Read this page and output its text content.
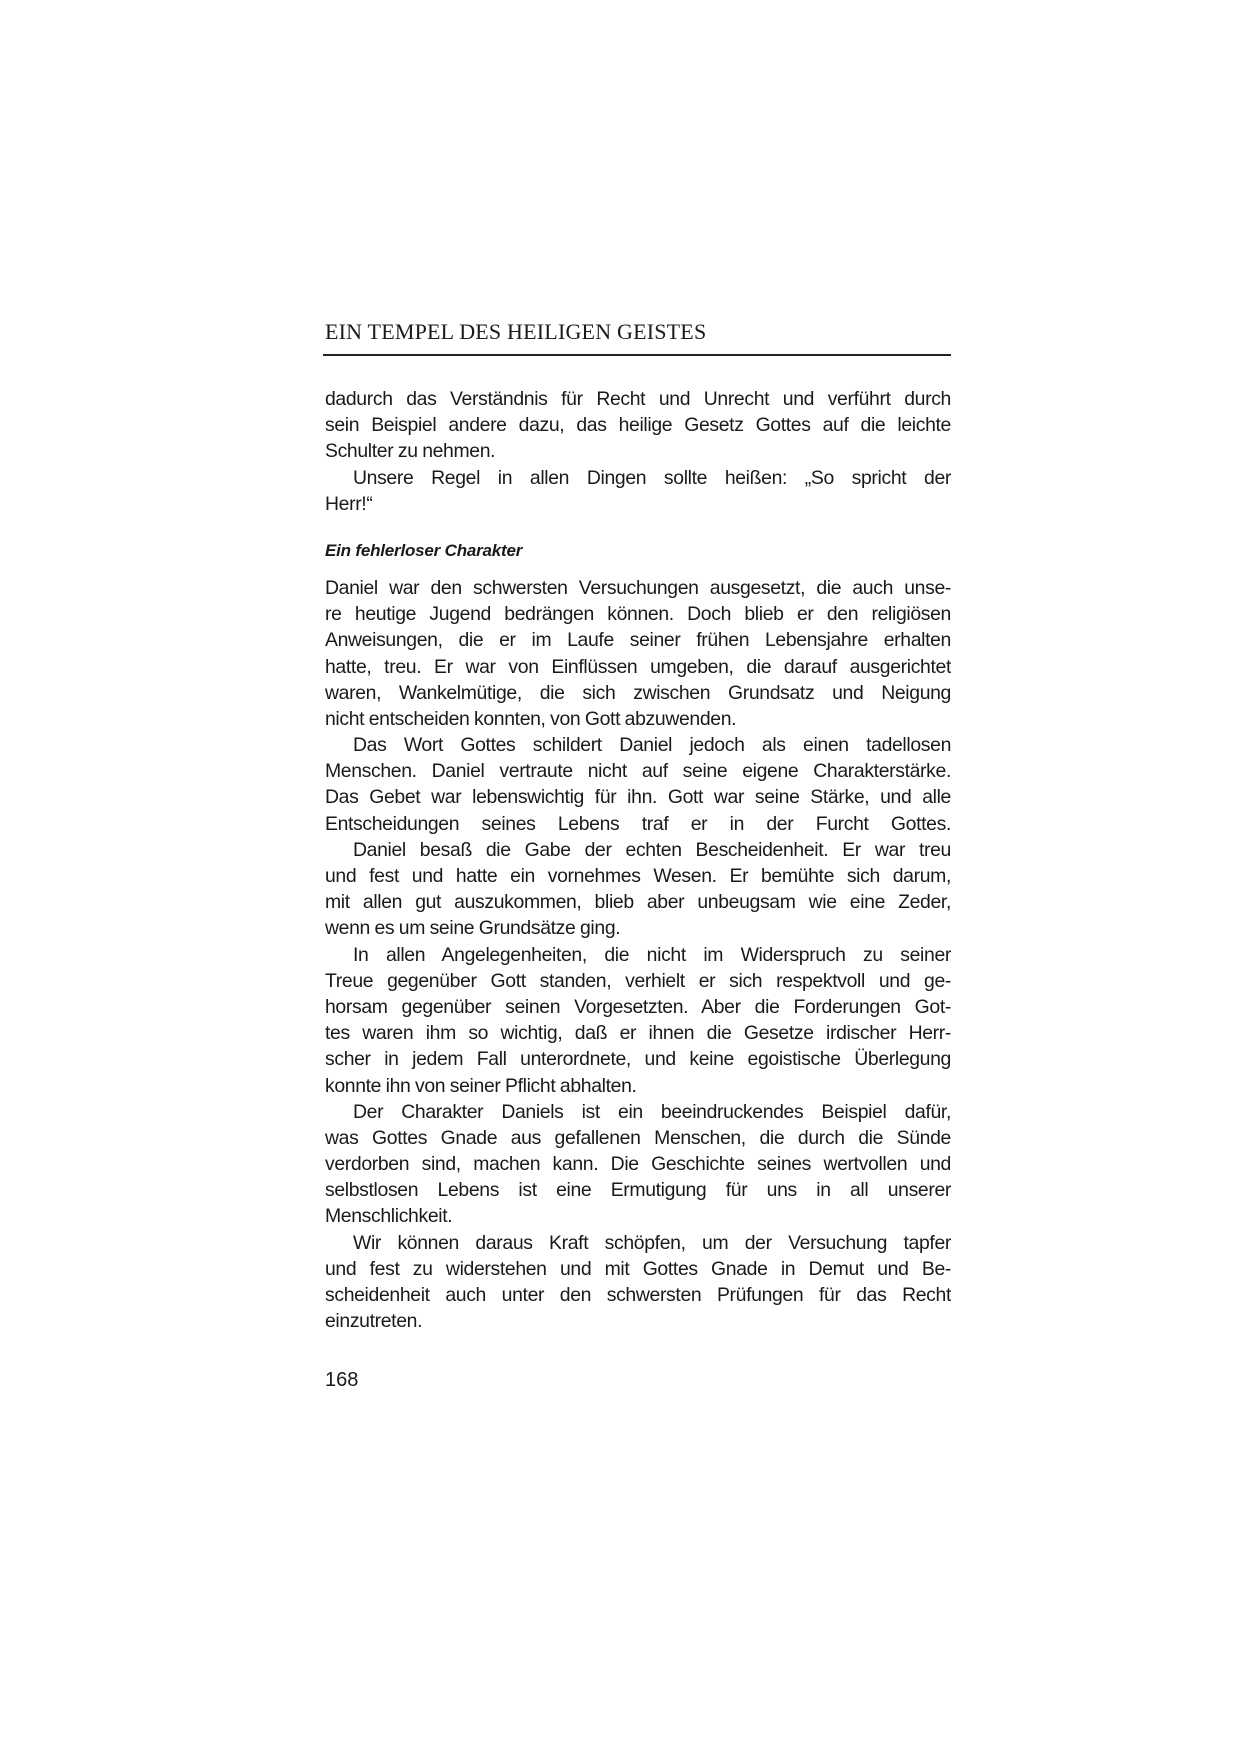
EIN TEMPEL DES HEILIGEN GEISTES
dadurch das Verständnis für Recht und Unrecht und verführt durch
sein Beispiel andere dazu, das heilige Gesetz Gottes auf die leichte
Schulter zu nehmen.
Unsere Regel in allen Dingen sollte heißen: „So spricht der
Herr!“
Ein fehlerloser Charakter
Daniel war den schwersten Versuchungen ausgesetzt, die auch unse-
re heutige Jugend bedrängen können. Doch blieb er den religiösen
Anweisungen, die er im Laufe seiner frühen Lebensjahre erhalten
hatte, treu. Er war von Einflüssen umgeben, die darauf ausgerichtet
waren, Wankelmütige, die sich zwischen Grundsatz und Neigung
nicht entscheiden konnten, von Gott abzuwenden.
Das Wort Gottes schildert Daniel jedoch als einen tadellosen
Menschen. Daniel vertraute nicht auf seine eigene Charakterstärke.
Das Gebet war lebenswichtig für ihn. Gott war seine Stärke, und alle
Entscheidungen seines Lebens traf er in der Furcht Gottes.
Daniel besaß die Gabe der echten Bescheidenheit. Er war treu
und fest und hatte ein vornehmes Wesen. Er bemühte sich darum,
mit allen gut auszukommen, blieb aber unbeugsam wie eine Zeder,
wenn es um seine Grundsätze ging.
In allen Angelegenheiten, die nicht im Widerspruch zu seiner
Treue gegenüber Gott standen, verhielt er sich respektvoll und ge-
horsam gegenüber seinen Vorgesetzten. Aber die Forderungen Got-
tes waren ihm so wichtig, daß er ihnen die Gesetze irdischer Herr-
scher in jedem Fall unterordnete, und keine egoistische Überlegung
konnte ihn von seiner Pflicht abhalten.
Der Charakter Daniels ist ein beeindruckendes Beispiel dafür,
was Gottes Gnade aus gefallenen Menschen, die durch die Sünde
verdorben sind, machen kann. Die Geschichte seines wertvollen und
selbstlosen Lebens ist eine Ermutigung für uns in all unserer
Menschlichkeit.
Wir können daraus Kraft schöpfen, um der Versuchung tapfer
und fest zu widerstehen und mit Gottes Gnade in Demut und Be-
scheidenheit auch unter den schwersten Prüfungen für das Recht
einzutreten.
168
